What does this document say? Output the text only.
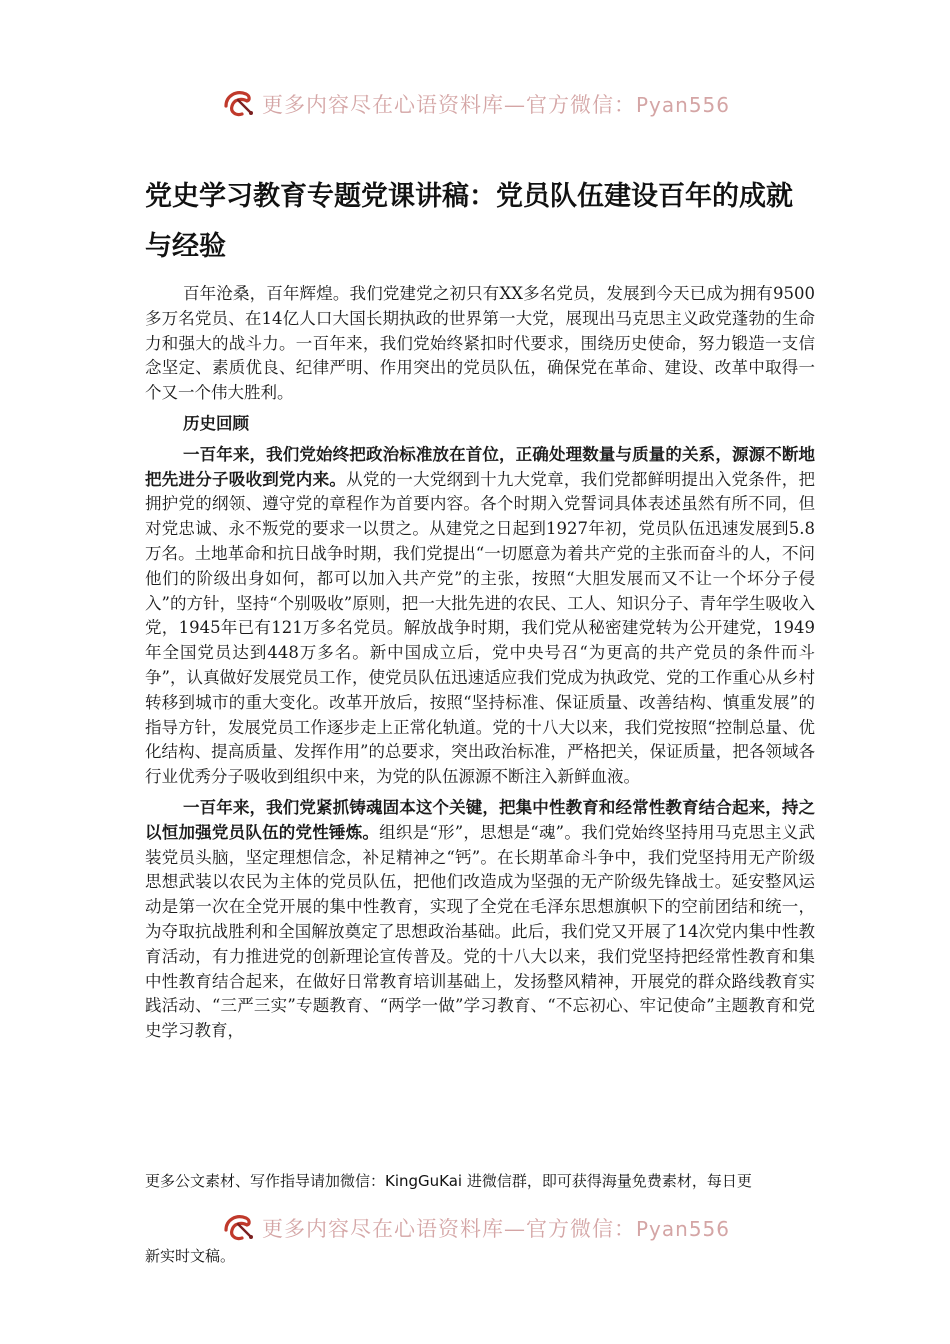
更多内容尽在心语资料库—官方微信：Pyan556
党史学习教育专题党课讲稿：党员队伍建设百年的成就与经验

百年沧桑，百年辉煌。我们党建党之初只有XX多名党员，发展到今天已成为拥有9500多万名党员、在14亿人口大国长期执政的世界第一大党，展现出马克思主义政党蓬勃的生命力和强大的战斗力。一百年来，我们党始终紧扣时代要求，围绕历史使命，努力锻造一支信念坚定、素质优良、纪律严明、作用突出的党员队伍，确保党在革命、建设、改革中取得一个又一个伟大胜利。

历史回顾

一百年来，我们党始终把政治标准放在首位，正确处理数量与质量的关系，源源不断地把先进分子吸收到党内来。从党的一大党纲到十九大党章，我们党都鲜明提出入党条件，把拥护党的纲领、遵守党的章程作为首要内容。各个时期入党誓词具体表述虽然有所不同，但对党忠诚、永不叛党的要求一以贯之。从建党之日起到1927年初，党员队伍迅速发展到5.8万名。土地革命和抗日战争时期，我们党提出“一切愿意为着共产党的主张而奋斗的人，不问他们的阶级出身如何，都可以加入共产党”的主张，按照“大胆发展而又不让一个坏分子侵入”的方针，坚持“个别吸收”原则，把一大批先进的农民、工人、知识分子、青年学生吸收入党，1945年已有121万多名党员。解放战争时期，我们党从秘密建党转为公开建党，1949年全国党员达到448万多名。新中国成立后，党中央号召“为更高的共产党员的条件而斗争”，认真做好发展党员工作，使党员队伍迅速适应我们党成为执政党、党的工作重心从乡村转移到城市的重大变化。改革开放后，按照“坚持标准、保证质量、改善结构、慎重发展”的指导方针，发展党员工作逐步走上正常化轨道。党的十八大以来，我们党按照“控制总量、优化结构、提高质量、发挥作用”的总要求，突出政治标准，严格把关，保证质量，把各领域各行业优秀分子吸收到组织中来，为党的队伍源源不断注入新鲜血液。

一百年来，我们党紧抓铸魂固本这个关键，把集中性教育和经常性教育结合起来，持之以恒加强党员队伍的党性锤炼。组织是“形”，思想是“魂”。我们党始终坚持用马克思主义武装党员头脑，坚定理想信念，补足精神之“钙”。在长期革命斗争中，我们党坚持用无产阶级思想武装以农民为主体的党员队伍，把他们改造成为坚强的无产阶级先锋战士。延安整风运动是第一次在全党开展的集中性教育，实现了全党在毛泽东思想旗帜下的空前团结和统一，为夺取抗战胜利和全国解放奠定了思想政治基础。此后，我们党又开展了14次党内集中性教育活动，有力推进党的创新理论宣传普及。党的十八大以来，我们党坚持把经常性教育和集中性教育结合起来，在做好日常教育培训基础上，发扬整风精神，开展党的群众路线教育实践活动、“三严三实”专题教育、“两学一做”学习教育、“不忘初心、牢记使命”主题教育和党史学习教育，

更多公文素材、写作指导请加微信：KingGuKai 进微信群，即可获得海量免费素材，每日更
更多内容尽在心语资料库—官方微信：Pyan556
新实时文稿。
